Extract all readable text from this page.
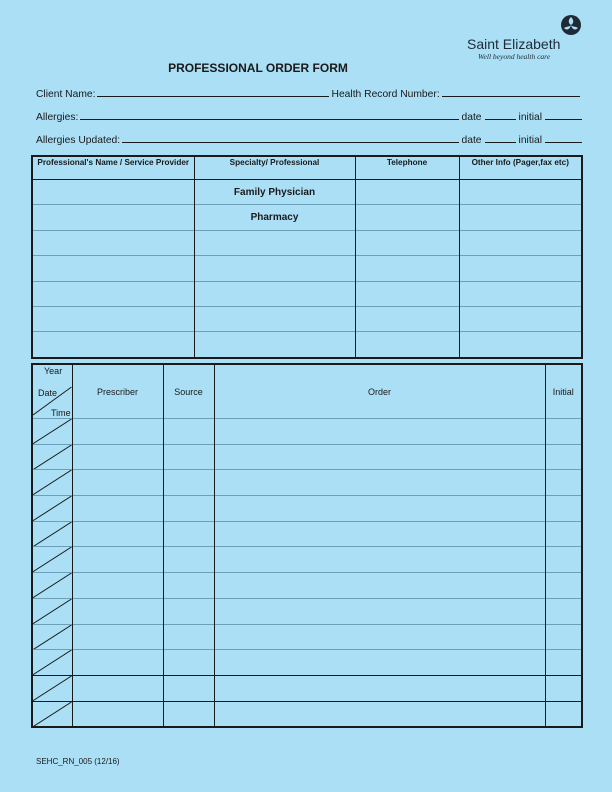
Saint Elizabeth
Well beyond health care
PROFESSIONAL ORDER FORM
Client Name:	Health Record Number:
Allergies:	date	initial
Allergies Updated:	date	initial
Professional's Name / Service Provider	Specialty/ Professional	Telephone	Other Info (Pager,fax etc)
	Family Physician		
	Pharmacy		

Year
Date
Time	Prescriber	Source	Order	Initial

SEHC_RN_005 (12/16)
